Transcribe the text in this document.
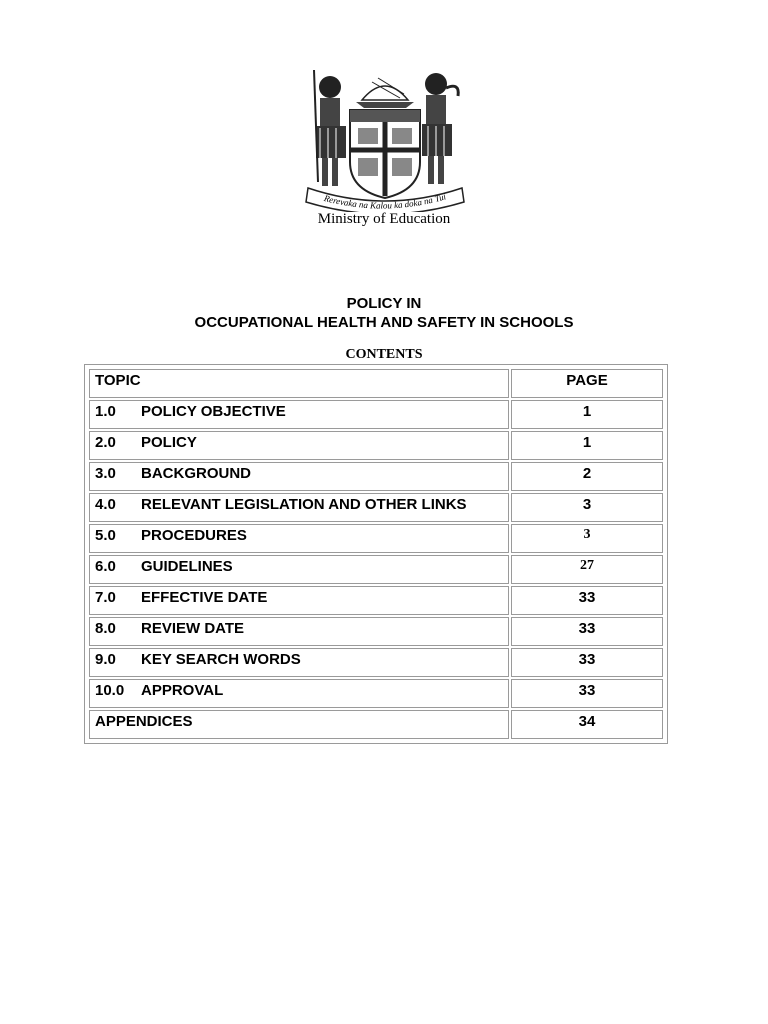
Rerevaka na Kalou ka doka na Tui
Ministry of Education
POLICY IN
OCCUPATIONAL HEALTH AND SAFETY IN SCHOOLS
CONTENTS
TOPIC	PAGE
1.0 POLICY OBJECTIVE	1
2.0 POLICY	1
3.0 BACKGROUND	2
4.0 RELEVANT LEGISLATION AND OTHER LINKS	3
5.0 PROCEDURES	3
6.0 GUIDELINES	27
7.0 EFFECTIVE DATE	33
8.0 REVIEW DATE	33
9.0 KEY SEARCH WORDS	33
10.0 APPROVAL	33
APPENDICES	34
